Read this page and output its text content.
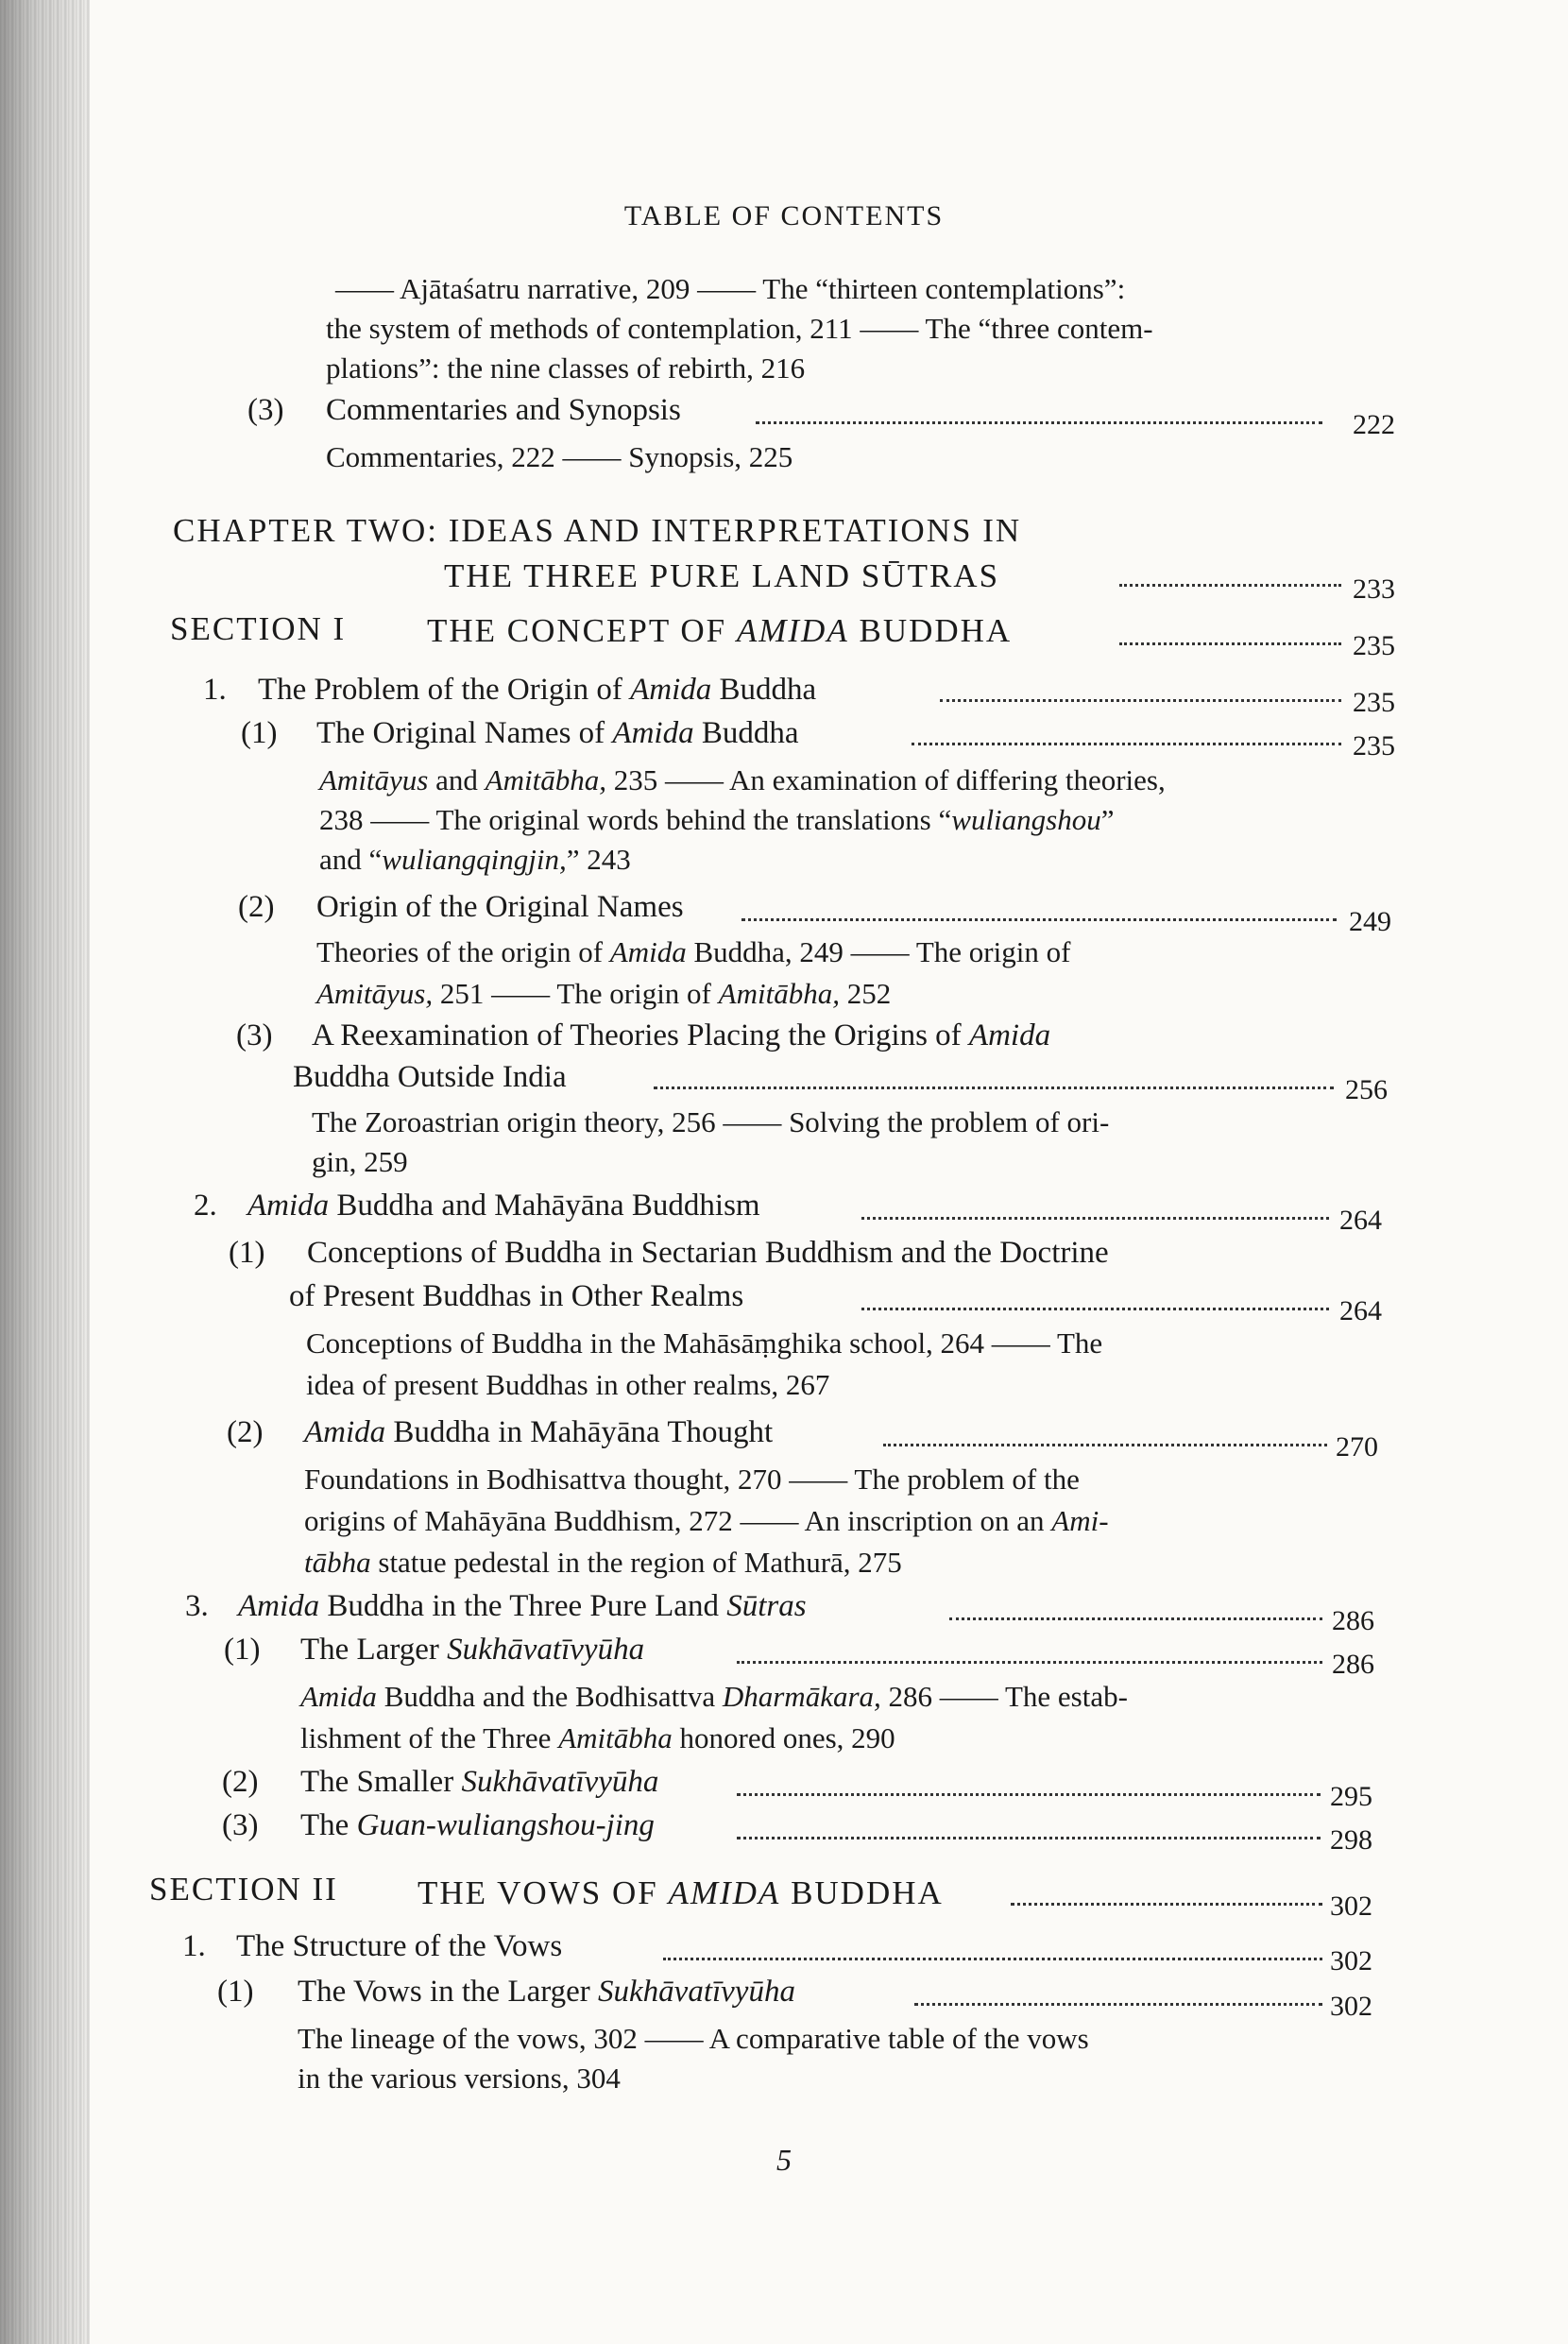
TABLE OF CONTENTS
—— Ajātaśatru narrative, 209 —— The “thirteen contemplations”:
the system of methods of contemplation, 211 —— The “three contem-
plations”: the nine classes of rebirth, 216
(3) Commentaries and Synopsis	222
Commentaries, 222 —— Synopsis, 225
CHAPTER TWO: IDEAS AND INTERPRETATIONS IN
THE THREE PURE LAND SŪTRAS	233
SECTION I THE CONCEPT OF AMIDA BUDDHA	235
1. The Problem of the Origin of Amida Buddha	235
(1) The Original Names of Amida Buddha	235
Amitāyus and Amitābha, 235 —— An examination of differing theories,
238 —— The original words behind the translations “wuliangshou”
and “wuliangqingjin,” 243
(2) Origin of the Original Names	249
Theories of the origin of Amida Buddha, 249 —— The origin of
Amitāyus, 251 —— The origin of Amitābha, 252
(3) A Reexamination of Theories Placing the Origins of Amida
Buddha Outside India	256
The Zoroastrian origin theory, 256 —— Solving the problem of ori-
gin, 259
2. Amida Buddha and Mahāyāna Buddhism	264
(1) Conceptions of Buddha in Sectarian Buddhism and the Doctrine
of Present Buddhas in Other Realms	264
Conceptions of Buddha in the Mahāsāṃghika school, 264 —— The
idea of present Buddhas in other realms, 267
(2) Amida Buddha in Mahāyāna Thought	270
Foundations in Bodhisattva thought, 270 —— The problem of the
origins of Mahāyāna Buddhism, 272 —— An inscription on an Ami-
tābha statue pedestal in the region of Mathurā, 275
3. Amida Buddha in the Three Pure Land Sūtras	286
(1) The Larger Sukhāvatīvyūha	286
Amida Buddha and the Bodhisattva Dharmākara, 286 —— The estab-
lishment of the Three Amitābha honored ones, 290
(2) The Smaller Sukhāvatīvyūha	295
(3) The Guan-wuliangshou-jing	298
SECTION II THE VOWS OF AMIDA BUDDHA	302
1. The Structure of the Vows	302
(1) The Vows in the Larger Sukhāvatīvyūha	302
The lineage of the vows, 302 —— A comparative table of the vows
in the various versions, 304
5
